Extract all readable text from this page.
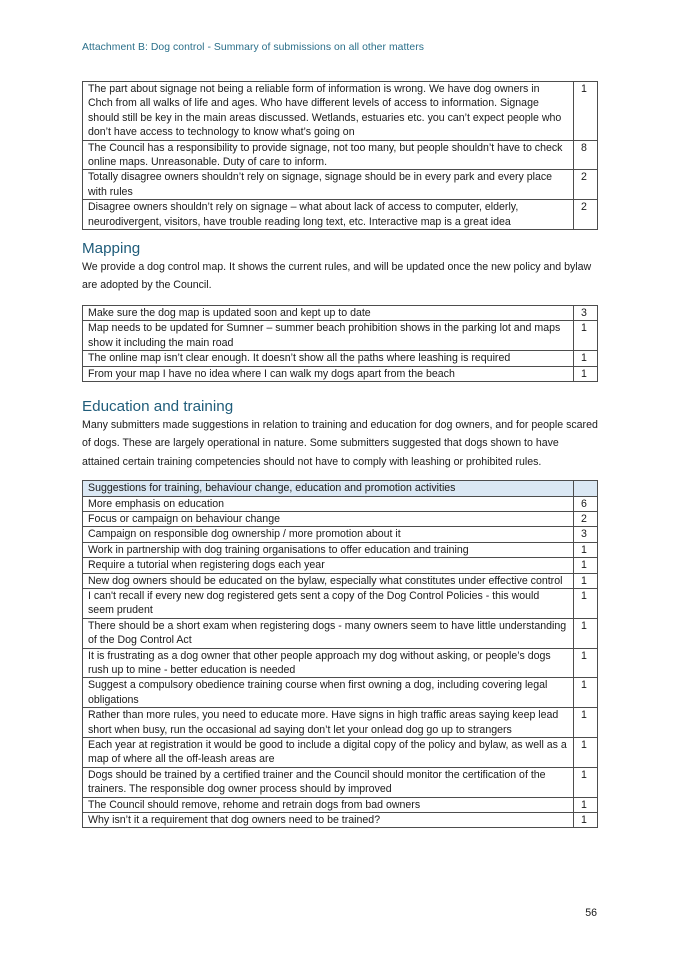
Attachment B: Dog control - Summary of submissions on all other matters
The part about signage not being a reliable form of information is wrong. We have dog owners in Chch from all walks of life and ages. Who have different levels of access to information. Signage should still be key in the main areas discussed. Wetlands, estuaries etc. you can’t expect people who don’t have access to technology to know what’s going on	1
The Council has a responsibility to provide signage, not too many, but people shouldn’t have to check online maps. Unreasonable. Duty of care to inform.	8
Totally disagree owners shouldn’t rely on signage, signage should be in every park and every place with rules	2
Disagree owners shouldn’t rely on signage – what about lack of access to computer, elderly, neurodivergent, visitors, have trouble reading long text, etc. Interactive map is a great idea	2
Mapping

We provide a dog control map. It shows the current rules, and will be updated once the new policy and bylaw are adopted by the Council.

Make sure the dog map is updated soon and kept up to date	3
Map needs to be updated for Sumner – summer beach prohibition shows in the parking lot and maps show it including the main road	1
The online map isn’t clear enough. It doesn’t show all the paths where leashing is required	1
From your map I have no idea where I can walk my dogs apart from the beach	1
Education and training

Many submitters made suggestions in relation to training and education for dog owners, and for people scared of dogs. These are largely operational in nature. Some submitters suggested that dogs shown to have attained certain training competencies should not have to comply with leashing or prohibited rules.

Suggestions for training, behaviour change, education and promotion activities	
More emphasis on education	6
Focus or campaign on behaviour change	2
Campaign on responsible dog ownership / more promotion about it	3
Work in partnership with dog training organisations to offer education and training	1
Require a tutorial when registering dogs each year	1
New dog owners should be educated on the bylaw, especially what constitutes under effective control	1
I can't recall if every new dog registered gets sent a copy of the Dog Control Policies - this would seem prudent	1
There should be a short exam when registering dogs - many owners seem to have little understanding of the Dog Control Act	1
It is frustrating as a dog owner that other people approach my dog without asking, or people’s dogs rush up to mine - better education is needed	1
Suggest a compulsory obedience training course when first owning a dog, including covering legal obligations	1
Rather than more rules, you need to educate more. Have signs in high traffic areas saying keep lead short when busy, run the occasional ad saying don’t let your onlead dog go up to strangers	1
Each year at registration it would be good to include a digital copy of the policy and bylaw, as well as a map of where all the off-leash areas are	1
Dogs should be trained by a certified trainer and the Council should monitor the certification of the trainers. The responsible dog owner process should by improved	1
The Council should remove, rehome and retrain dogs from bad owners	1
Why isn’t it a requirement that dog owners need to be trained?	1
56
